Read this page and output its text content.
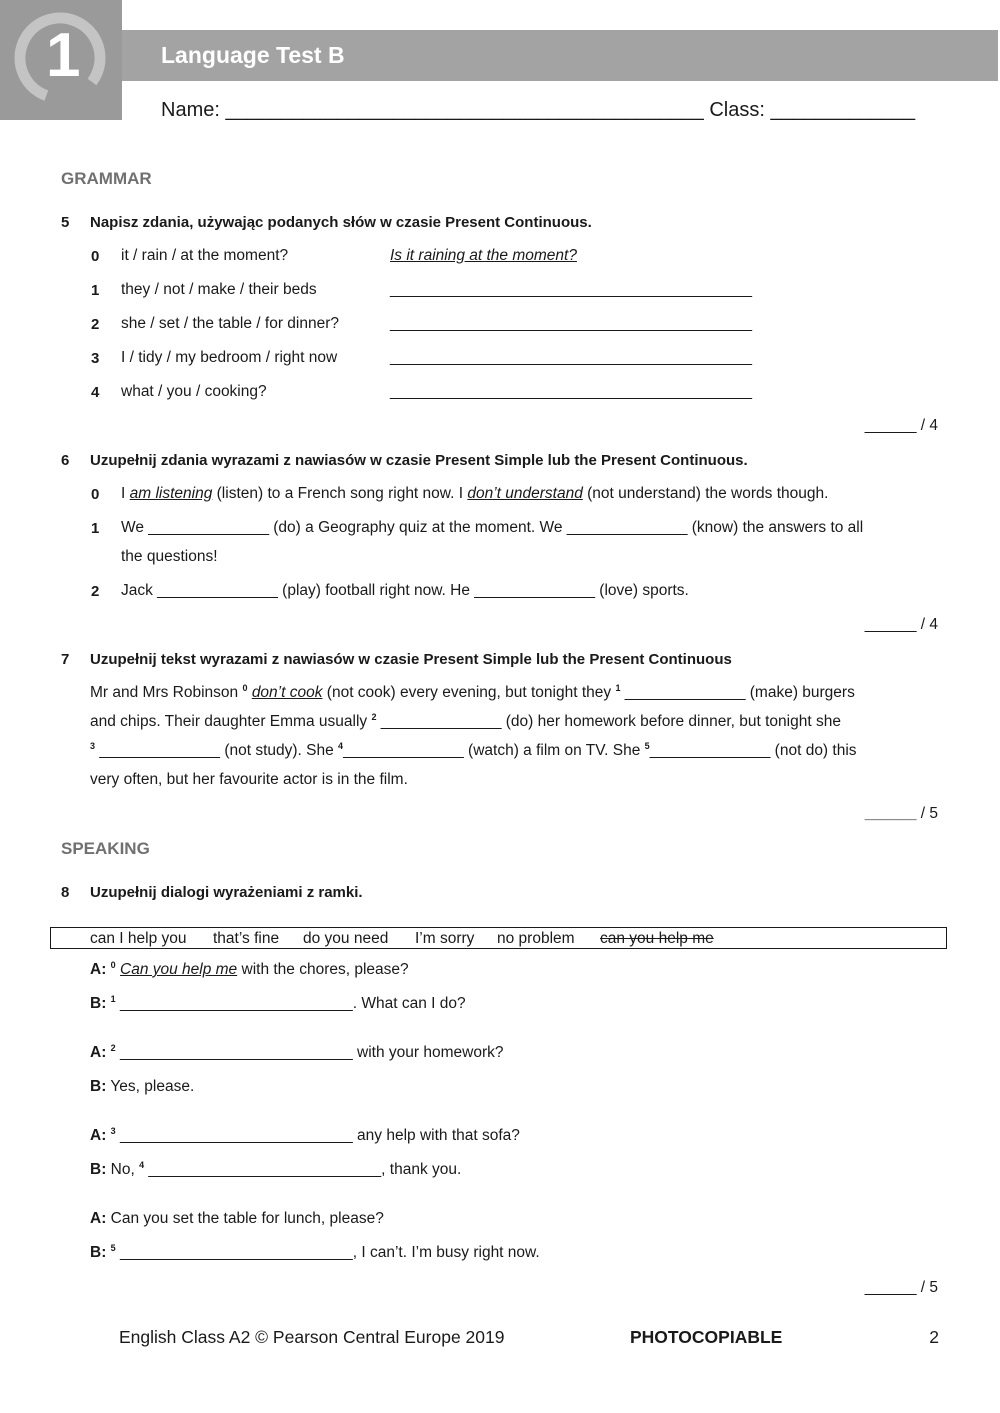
1	Language Test B
Name: ___________________________________________ Class: _____________
GRAMMAR
5 Napisz zdania, używając podanych słów w czasie Present Continuous.
0 it / rain / at the moment?	Is it raining at the moment?
1 they / not / make / their beds	__________________________________________
2 she / set / the table / for dinner?	__________________________________________
3 I / tidy / my bedroom / right now	__________________________________________
4 what / you / cooking?	__________________________________________
______ / 4
6 Uzupełnij zdania wyrazami z nawiasów w czasie Present Simple lub the Present Continuous.
0 I am listening (listen) to a French song right now. I don’t understand (not understand) the words though.
1 We ______________ (do) a Geography quiz at the moment. We ______________ (know) the answers to all
the questions!
2 Jack ______________ (play) football right now. He ______________ (love) sports.
______ / 4
7 Uzupełnij tekst wyrazami z nawiasów w czasie Present Simple lub the Present Continuous
Mr and Mrs Robinson $^0$ don’t cook (not cook) every evening, but tonight they $^1$ ______________ (make) burgers
and chips. Their daughter Emma usually $^2$ ______________ (do) her homework before dinner, but tonight she
$^3$ ______________ (not study). She $^4$______________ (watch) a film on TV. She $^5$______________ (not do) this
very often, but her favourite actor is in the film.
______ / 5
SPEAKING
8 Uzupełnij dialogi wyrażeniami z ramki.
can I help you that’s fine do you need I’m sorry no problem can you help me
A: $^0$ Can you help me with the chores, please?
B: $^1$ ___________________________. What can I do?
A: $^2$ ___________________________ with your homework?
B: Yes, please.
A: $^3$ ___________________________ any help with that sofa?
B: No, $^4$ ___________________________, thank you.
A: Can you set the table for lunch, please?
B: $^5$ ___________________________, I can’t. I’m busy right now.
______ / 5
English Class A2 © Pearson Central Europe 2019	PHOTOCOPIABLE	2
